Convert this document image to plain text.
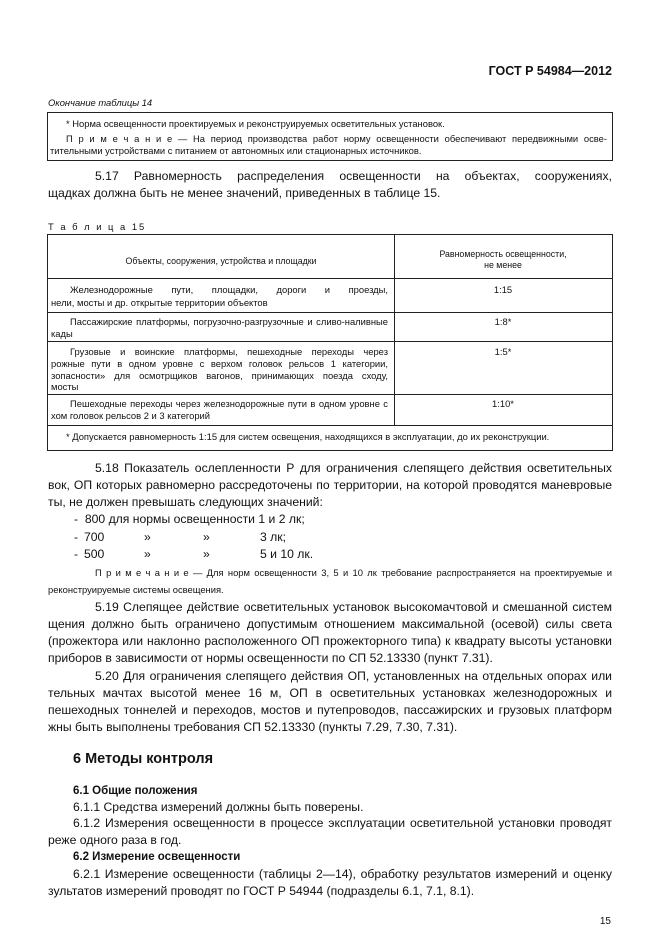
ГОСТ Р 54984—2012
Окончание таблицы 14
* Норма освещенности проектируемых и реконструируемых осветительных установок.
П р и м е ч а н и е — На период производства работ норму освещенности обеспечивают передвижными осве-
тительными устройствами с питанием от автономных или стационарных источников.
5.17 Равномерность распределения освещенности на объектах, сооружениях,
щадках должна быть не менее значений, приведенных в таблице 15.
Т а б л и ц а 15
Объекты, сооружения, устройства и площадки
Равномерность освещенности,
не менее
Железнодорожные пути, площадки, дороги и проезды,
нели, мосты и др. открытые территории объектов
1:15
Пассажирские платформы, погрузочно-разгрузочные и сливо-наливные
кады
1:8*
Грузовые и воинские платформы, пешеходные переходы через
рожные пути в одном уровне с верхом головок рельсов 1 категории,
зопасности» для осмотрщиков вагонов, принимающих поезда сходу,
мосты
1:5*
Пешеходные переходы через железнодорожные пути в одном уровне с
хом головок рельсов 2 и 3 категорий
1:10*
* Допускается равномерность 1:15 для систем освещения, находящихся в эксплуатации, до их реконструкции.
5.18 Показатель ослепленности Р для ограничения слепящего действия осветительных
вок, ОП которых равномерно рассредоточены по территории, на которой проводятся маневровые
ты, не должен превышать следующих значений:
- 800 для нормы освещенности 1 и 2 лк;
- 700	»	»	3 лк;
- 500	»	»	5 и 10 лк.
П р и м е ч а н и е — Для норм освещенности 3, 5 и 10 лк требование распространяется на проектируемые и
реконструируемые системы освещения.
5.19 Слепящее действие осветительных установок высокомачтовой и смешанной систем
щения должно быть ограничено допустимым отношением максимальной (осевой) силы света
(прожектора или наклонно расположенного ОП прожекторного типа) к квадрату высоты установки
приборов в зависимости от нормы освещенности по СП 52.13330 (пункт 7.31).
5.20 Для ограничения слепящего действия ОП, установленных на отдельных опорах или
тельных мачтах высотой менее 16 м, ОП в осветительных установках железнодорожных и
пешеходных тоннелей и переходов, мостов и путепроводов, пассажирских и грузовых платформ
жны быть выполнены требования СП 52.13330 (пункты 7.29, 7.30, 7.31).
6 Методы контроля
6.1 Общие положения
6.1.1 Средства измерений должны быть поверены.
6.1.2 Измерения освещенности в процессе эксплуатации осветительной установки проводят
реже одного раза в год.
6.2 Измерение освещенности
6.2.1 Измерение освещенности (таблицы 2—14), обработку результатов измерений и оценку
зультатов измерений проводят по ГОСТ Р 54944 (подразделы 6.1, 7.1, 8.1).
15
